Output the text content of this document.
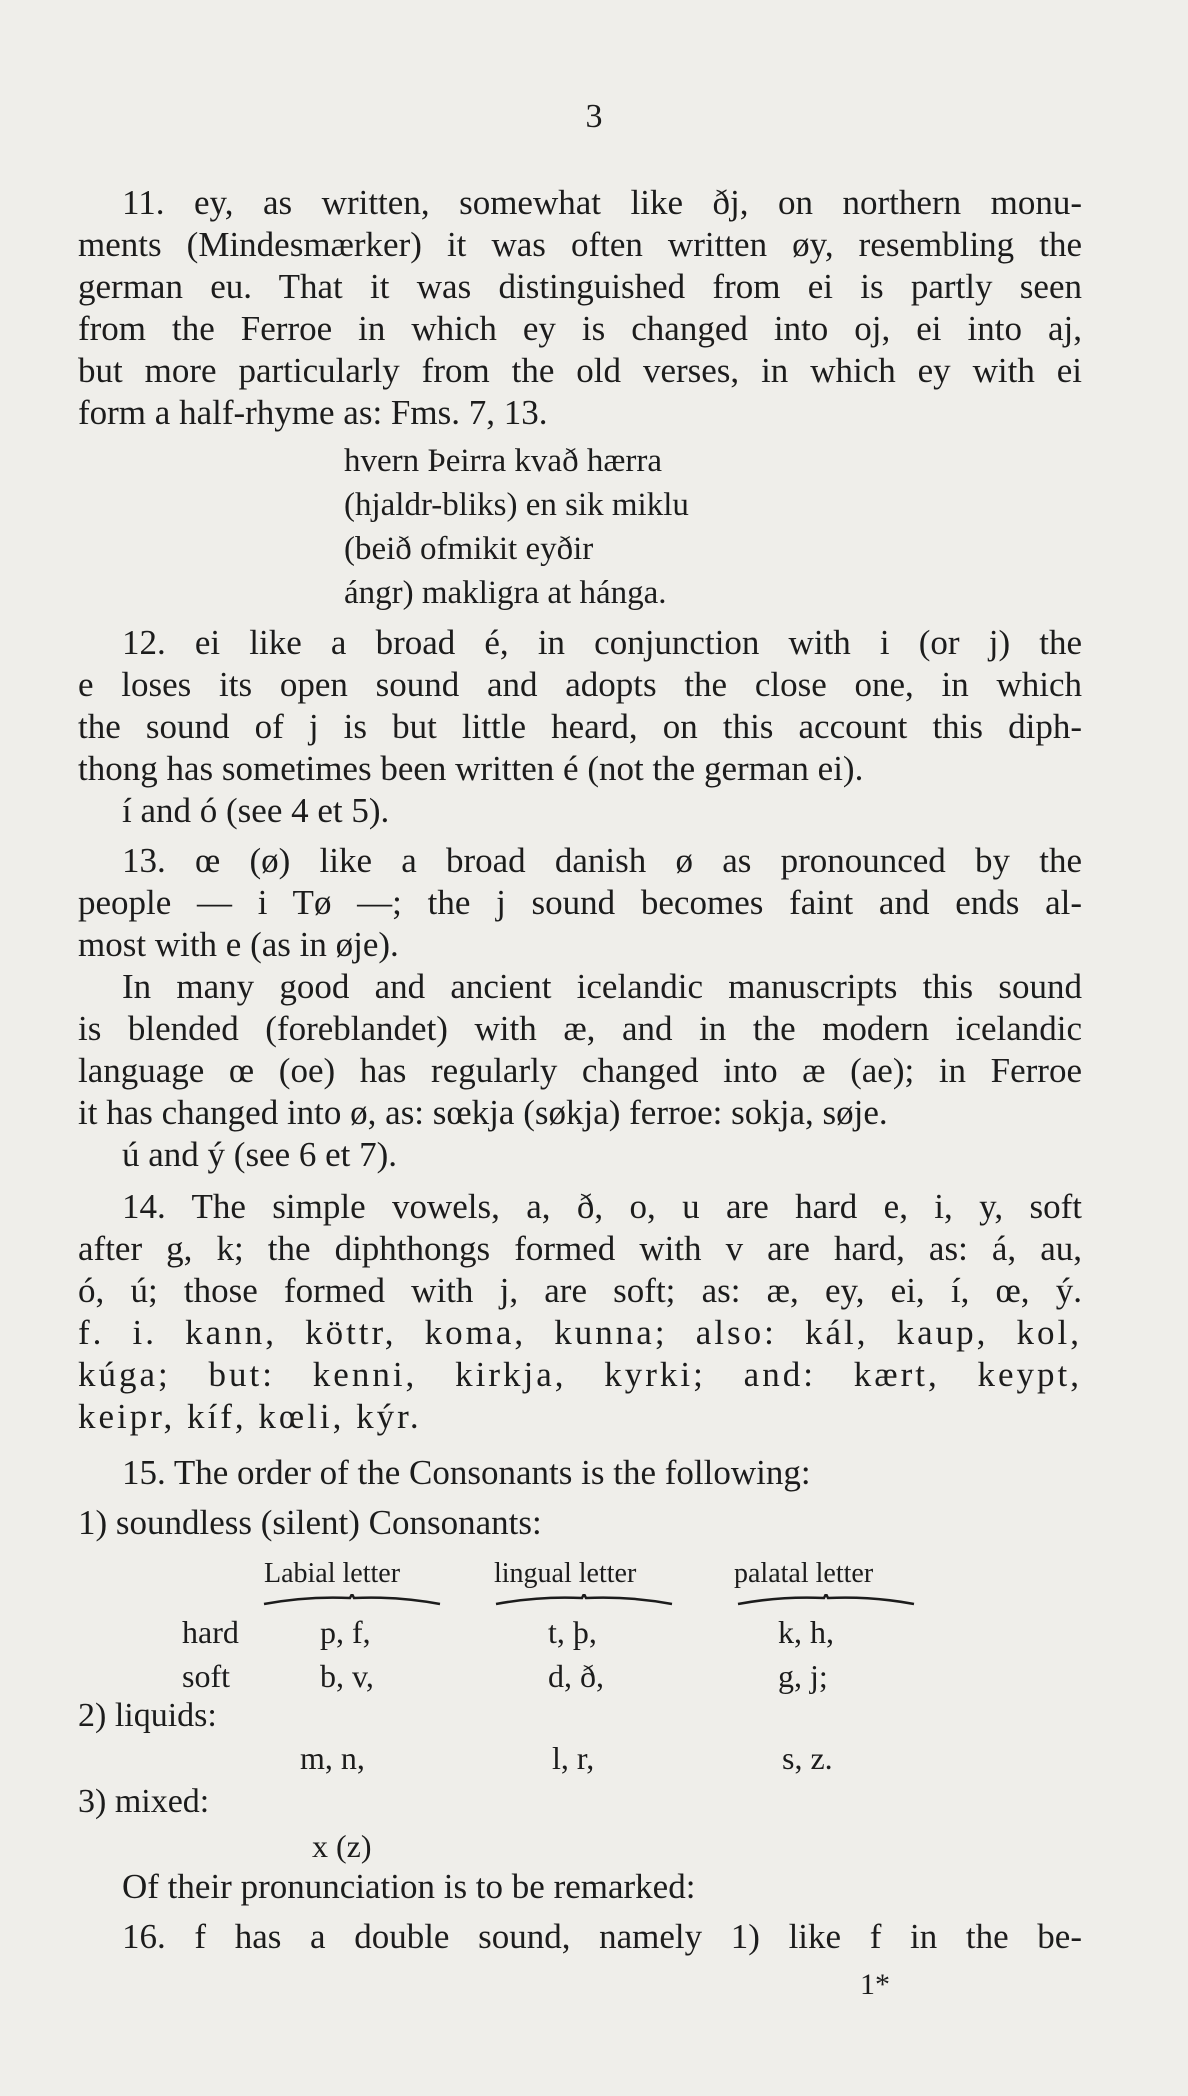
3
11. ey, as written, somewhat like ðj, on northern monu-
ments (Mindesmærker) it was often written øy, resembling the
german eu. That it was distinguished from ei is partly seen
from the Ferroe in which ey is changed into oj, ei into aj,
but more particularly from the old verses, in which ey with ei
form a half-rhyme as: Fms. 7, 13.
hvern Þeirra kvað hærra
(hjaldr-bliks) en sik miklu
(beið ofmikit eyðir
ángr) makligra at hánga.
12. ei like a broad é, in conjunction with i (or j) the
e loses its open sound and adopts the close one, in which
the sound of j is but little heard, on this account this diph-
thong has sometimes been written é (not the german ei).
í and ó (see 4 et 5).
13. œ (ø) like a broad danish ø as pronounced by the
people — i Tø —; the j sound becomes faint and ends al-
most with e (as in øje).
In many good and ancient icelandic manuscripts this sound
is blended (foreblandet) with æ, and in the modern icelandic
language œ (oe) has regularly changed into æ (ae); in Ferroe
it has changed into ø, as: sœkja (søkja) ferroe: sokja, søje.
ú and ý (see 6 et 7).
14. The simple vowels, a, ð, o, u are hard e, i, y, soft
after g, k; the diphthongs formed with v are hard, as: á, au,
ó, ú; those formed with j, are soft; as: æ, ey, ei, í, œ, ý.
f. i. kann, köttr, koma, kunna; also: kál, kaup, kol,
kúga; but: kenni, kirkja, kyrki; and: kært, keypt,
keipr, kíf, kœli, kýr.
15. The order of the Consonants is the following:
1) soundless (silent) Consonants:
Labial letter	lingual letter	palatal letter
hard	p, f,	t, þ,	k, h,
soft	b, v,	d, ð,	g, j;
2) liquids:
m, n,	l, r,	s, z.
3) mixed:
x (z)
Of their pronunciation is to be remarked:
16. f has a double sound, namely 1) like f in the be-
1*
